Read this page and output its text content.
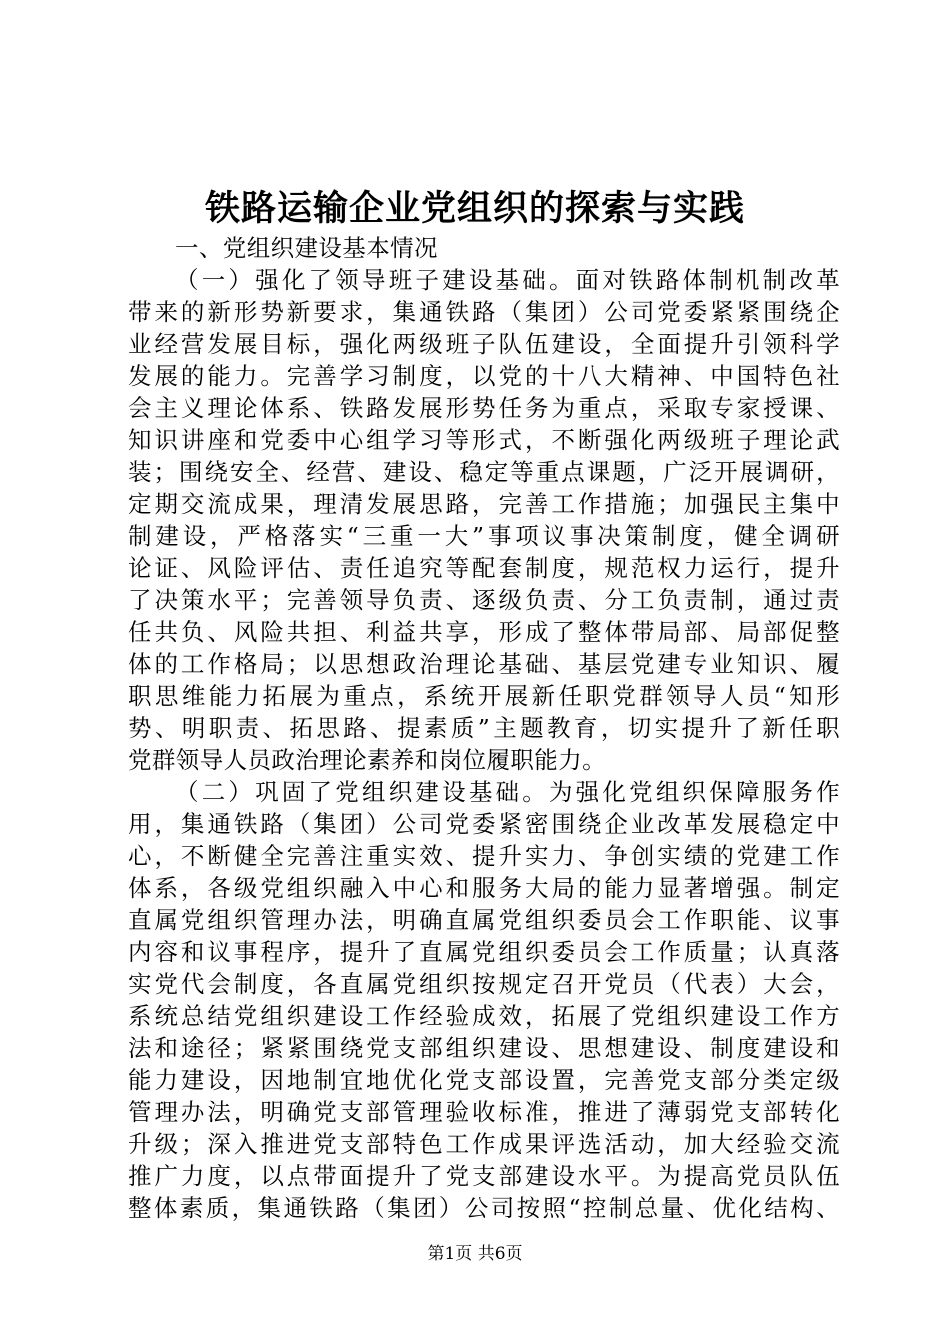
铁路运输企业党组织的探索与实践
一、党组织建设基本情况
（一）强化了领导班子建设基础。面对铁路体制机制改革
带来的新形势新要求，集通铁路（集团）公司党委紧紧围绕企
业经营发展目标，强化两级班子队伍建设，全面提升引领科学
发展的能力。完善学习制度，以党的十八大精神、中国特色社
会主义理论体系、铁路发展形势任务为重点，采取专家授课、
知识讲座和党委中心组学习等形式，不断强化两级班子理论武
装；围绕安全、经营、建设、稳定等重点课题，广泛开展调研，
定期交流成果，理清发展思路，完善工作措施；加强民主集中
制建设，严格落实“三重一大”事项议事决策制度，健全调研
论证、风险评估、责任追究等配套制度，规范权力运行，提升
了决策水平；完善领导负责、逐级负责、分工负责制，通过责
任共负、风险共担、利益共享，形成了整体带局部、局部促整
体的工作格局；以思想政治理论基础、基层党建专业知识、履
职思维能力拓展为重点，系统开展新任职党群领导人员“知形
势、明职责、拓思路、提素质”主题教育，切实提升了新任职
党群领导人员政治理论素养和岗位履职能力。
（二）巩固了党组织建设基础。为强化党组织保障服务作
用，集通铁路（集团）公司党委紧密围绕企业改革发展稳定中
心，不断健全完善注重实效、提升实力、争创实绩的党建工作
体系，各级党组织融入中心和服务大局的能力显著增强。制定
直属党组织管理办法，明确直属党组织委员会工作职能、议事
内容和议事程序，提升了直属党组织委员会工作质量；认真落
实党代会制度，各直属党组织按规定召开党员（代表）大会，
系统总结党组织建设工作经验成效，拓展了党组织建设工作方
法和途径；紧紧围绕党支部组织建设、思想建设、制度建设和
能力建设，因地制宜地优化党支部设置，完善党支部分类定级
管理办法，明确党支部管理验收标准，推进了薄弱党支部转化
升级；深入推进党支部特色工作成果评选活动，加大经验交流
推广力度，以点带面提升了党支部建设水平。为提高党员队伍
整体素质，集通铁路（集团）公司按照“控制总量、优化结构、
第1页 共6页
